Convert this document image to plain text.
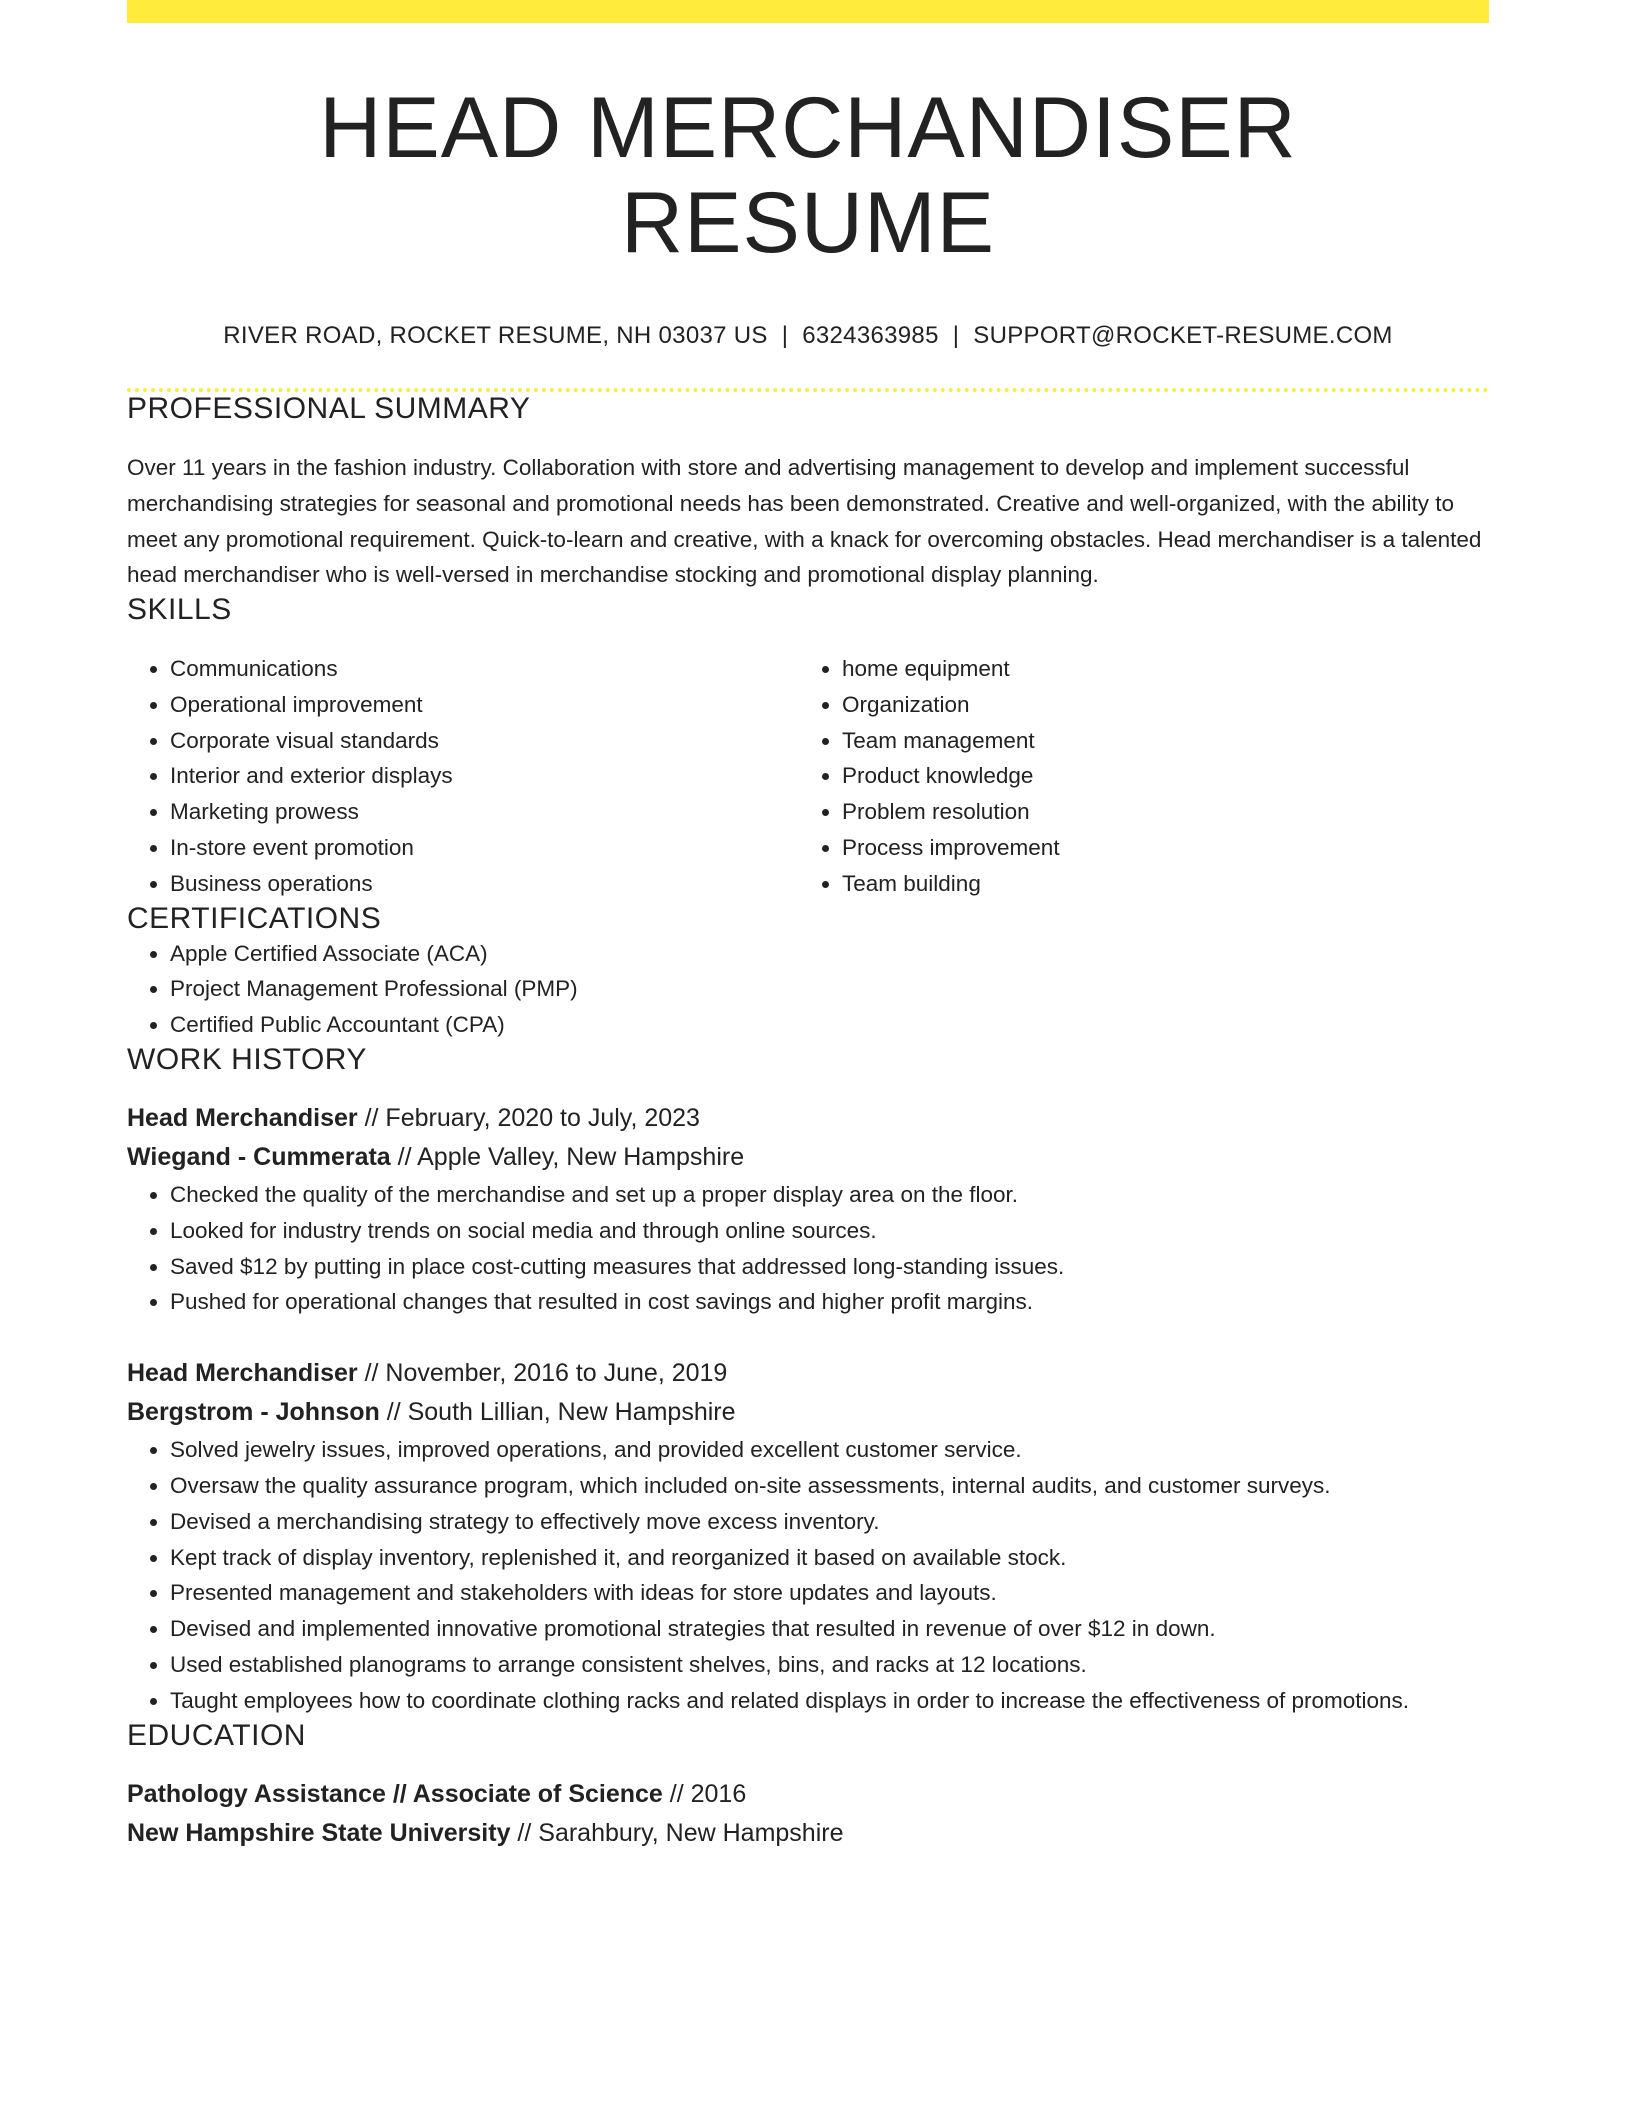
HEAD MERCHANDISER RESUME
RIVER ROAD, ROCKET RESUME, NH 03037 US | 6324363985 | SUPPORT@ROCKET-RESUME.COM
PROFESSIONAL SUMMARY

Over 11 years in the fashion industry. Collaboration with store and advertising management to develop and implement successful merchandising strategies for seasonal and promotional needs has been demonstrated. Creative and well-organized, with the ability to meet any promotional requirement. Quick-to-learn and creative, with a knack for overcoming obstacles. Head merchandiser is a talented head merchandiser who is well-versed in merchandise stocking and promotional display planning.

SKILLS
• Communications
• Operational improvement
• Corporate visual standards
• Interior and exterior displays
• Marketing prowess
• In-store event promotion
• Business operations
• home equipment
• Organization
• Team management
• Product knowledge
• Problem resolution
• Process improvement
• Team building
CERTIFICATIONS
• Apple Certified Associate (ACA)
• Project Management Professional (PMP)
• Certified Public Accountant (CPA)
WORK HISTORY
Head Merchandiser // February, 2020 to July, 2023
Wiegand - Cummerata // Apple Valley, New Hampshire
• Checked the quality of the merchandise and set up a proper display area on the floor.
• Looked for industry trends on social media and through online sources.
• Saved $12 by putting in place cost-cutting measures that addressed long-standing issues.
• Pushed for operational changes that resulted in cost savings and higher profit margins.
Head Merchandiser // November, 2016 to June, 2019
Bergstrom - Johnson // South Lillian, New Hampshire
• Solved jewelry issues, improved operations, and provided excellent customer service.
• Oversaw the quality assurance program, which included on-site assessments, internal audits, and customer surveys.
• Devised a merchandising strategy to effectively move excess inventory.
• Kept track of display inventory, replenished it, and reorganized it based on available stock.
• Presented management and stakeholders with ideas for store updates and layouts.
• Devised and implemented innovative promotional strategies that resulted in revenue of over $12 in down.
• Used established planograms to arrange consistent shelves, bins, and racks at 12 locations.
• Taught employees how to coordinate clothing racks and related displays in order to increase the effectiveness of promotions.
EDUCATION
Pathology Assistance // Associate of Science // 2016
New Hampshire State University // Sarahbury, New Hampshire
